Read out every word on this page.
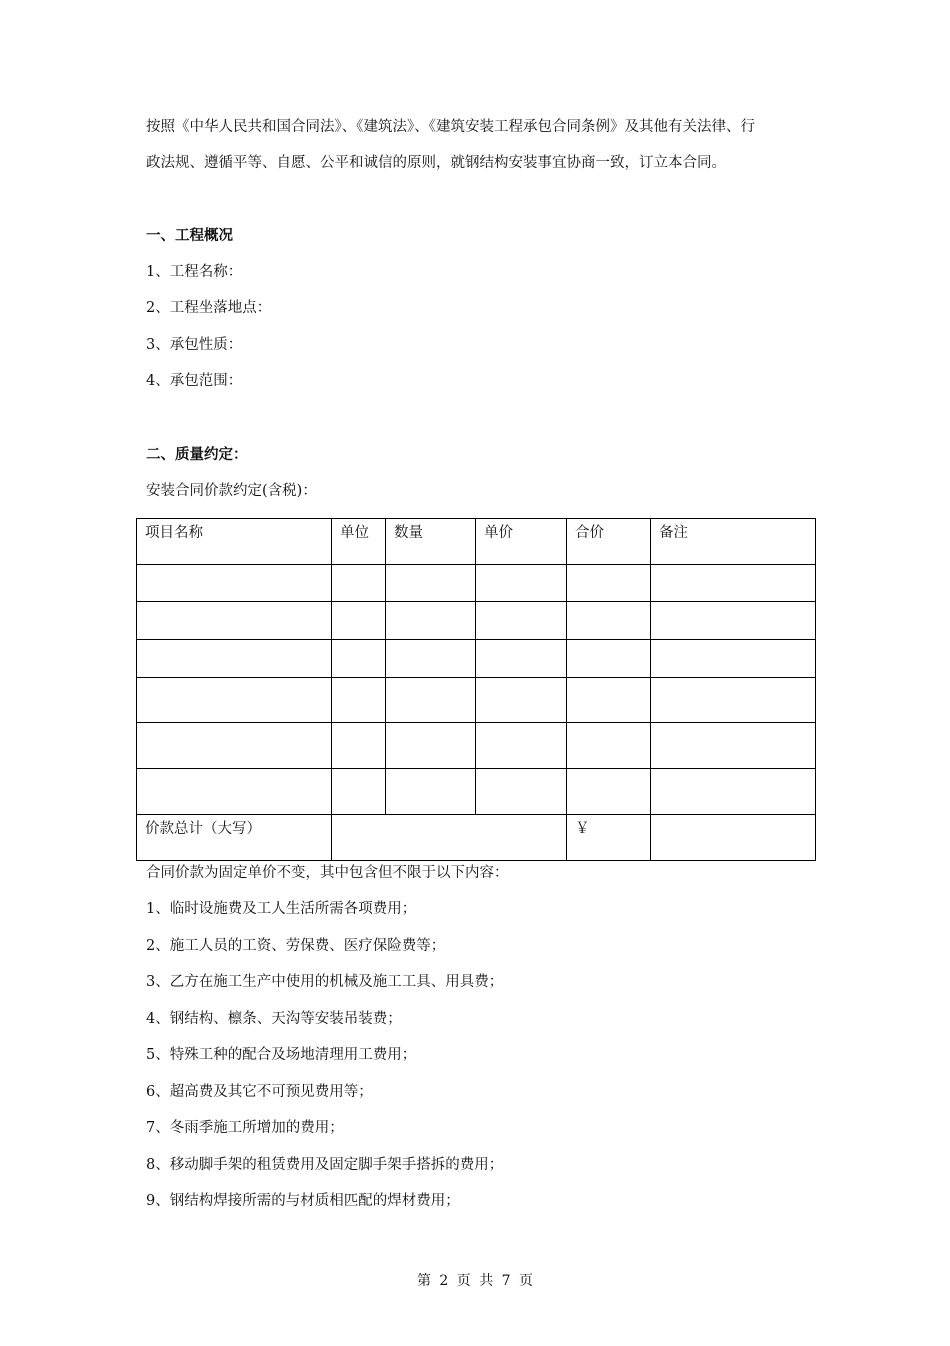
按照《中华人民共和国合同法》、《建筑法》、《建筑安装工程承包合同条例》及其他有关法律、行
政法规、遵循平等、自愿、公平和诚信的原则，就钢结构安装事宜协商一致，订立本合同。
一、工程概况
1、工程名称：
2、工程坐落地点：
3、承包性质：
4、承包范围：
二、质量约定：
安装合同价款约定(含税)：
项目名称	单位	数量	单价	合价	备注

价款总计（大写）				￥	
合同价款为固定单价不变，其中包含但不限于以下内容：
1、临时设施费及工人生活所需各项费用；
2、施工人员的工资、劳保费、医疗保险费等；
3、乙方在施工生产中使用的机械及施工工具、用具费；
4、钢结构、檩条、天沟等安装吊装费；
5、特殊工种的配合及场地清理用工费用；
6、超高费及其它不可预见费用等；
7、冬雨季施工所增加的费用；
8、移动脚手架的租赁费用及固定脚手架手搭拆的费用；
9、钢结构焊接所需的与材质相匹配的焊材费用；
第 2 页 共 7 页
